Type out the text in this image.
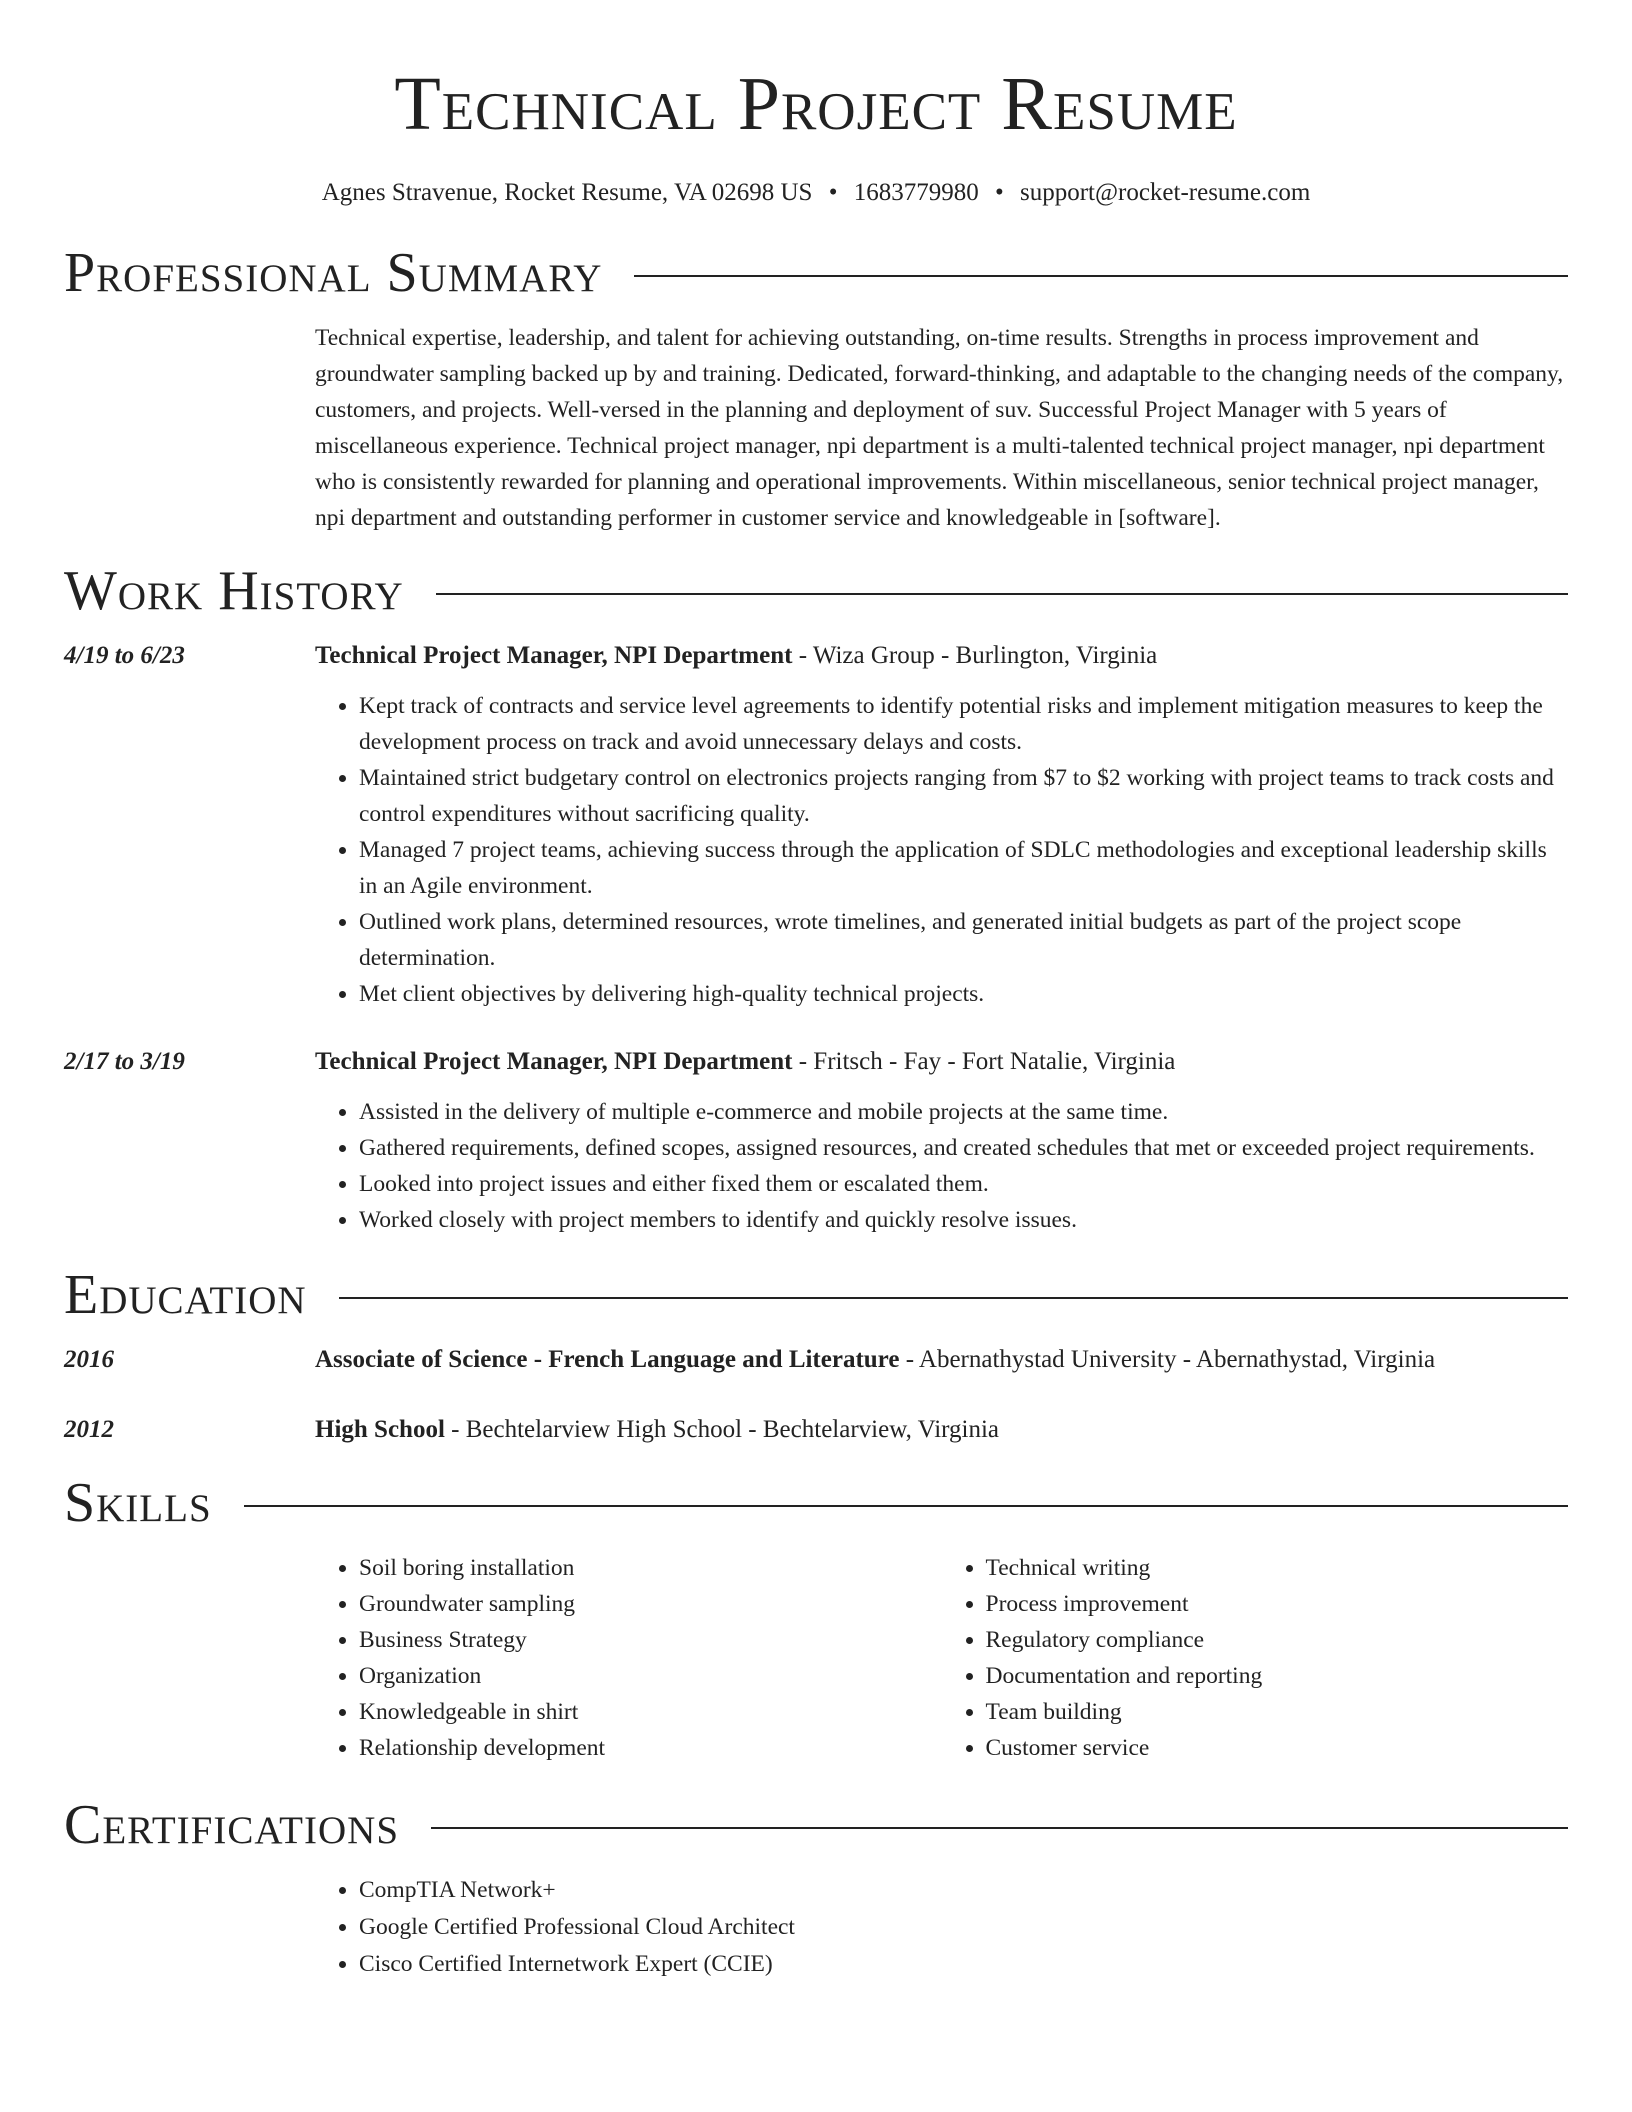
Technical Project Resume
Agnes Stravenue, Rocket Resume, VA 02698 US • 1683779980 • support@rocket-resume.com
Professional Summary
Technical expertise, leadership, and talent for achieving outstanding, on-time results. Strengths in process improvement and groundwater sampling backed up by and training. Dedicated, forward-thinking, and adaptable to the changing needs of the company, customers, and projects. Well-versed in the planning and deployment of suv. Successful Project Manager with 5 years of miscellaneous experience. Technical project manager, npi department is a multi-talented technical project manager, npi department who is consistently rewarded for planning and operational improvements. Within miscellaneous, senior technical project manager, npi department and outstanding performer in customer service and knowledgeable in [software].
Work History
4/19 to 6/23	Technical Project Manager, NPI Department - Wiza Group - Burlington, Virginia
• Kept track of contracts and service level agreements to identify potential risks and implement mitigation measures to keep the development process on track and avoid unnecessary delays and costs.
• Maintained strict budgetary control on electronics projects ranging from $7 to $2 working with project teams to track costs and control expenditures without sacrificing quality.
• Managed 7 project teams, achieving success through the application of SDLC methodologies and exceptional leadership skills in an Agile environment.
• Outlined work plans, determined resources, wrote timelines, and generated initial budgets as part of the project scope determination.
• Met client objectives by delivering high-quality technical projects.
2/17 to 3/19	Technical Project Manager, NPI Department - Fritsch - Fay - Fort Natalie, Virginia
• Assisted in the delivery of multiple e-commerce and mobile projects at the same time.
• Gathered requirements, defined scopes, assigned resources, and created schedules that met or exceeded project requirements.
• Looked into project issues and either fixed them or escalated them.
• Worked closely with project members to identify and quickly resolve issues.
Education
2016	Associate of Science - French Language and Literature - Abernathystad University - Abernathystad, Virginia
2012	High School - Bechtelarview High School - Bechtelarview, Virginia
Skills
• Soil boring installation
• Groundwater sampling
• Business Strategy
• Organization
• Knowledgeable in shirt
• Relationship development
• Technical writing
• Process improvement
• Regulatory compliance
• Documentation and reporting
• Team building
• Customer service
Certifications
• CompTIA Network+
• Google Certified Professional Cloud Architect
• Cisco Certified Internetwork Expert (CCIE)
